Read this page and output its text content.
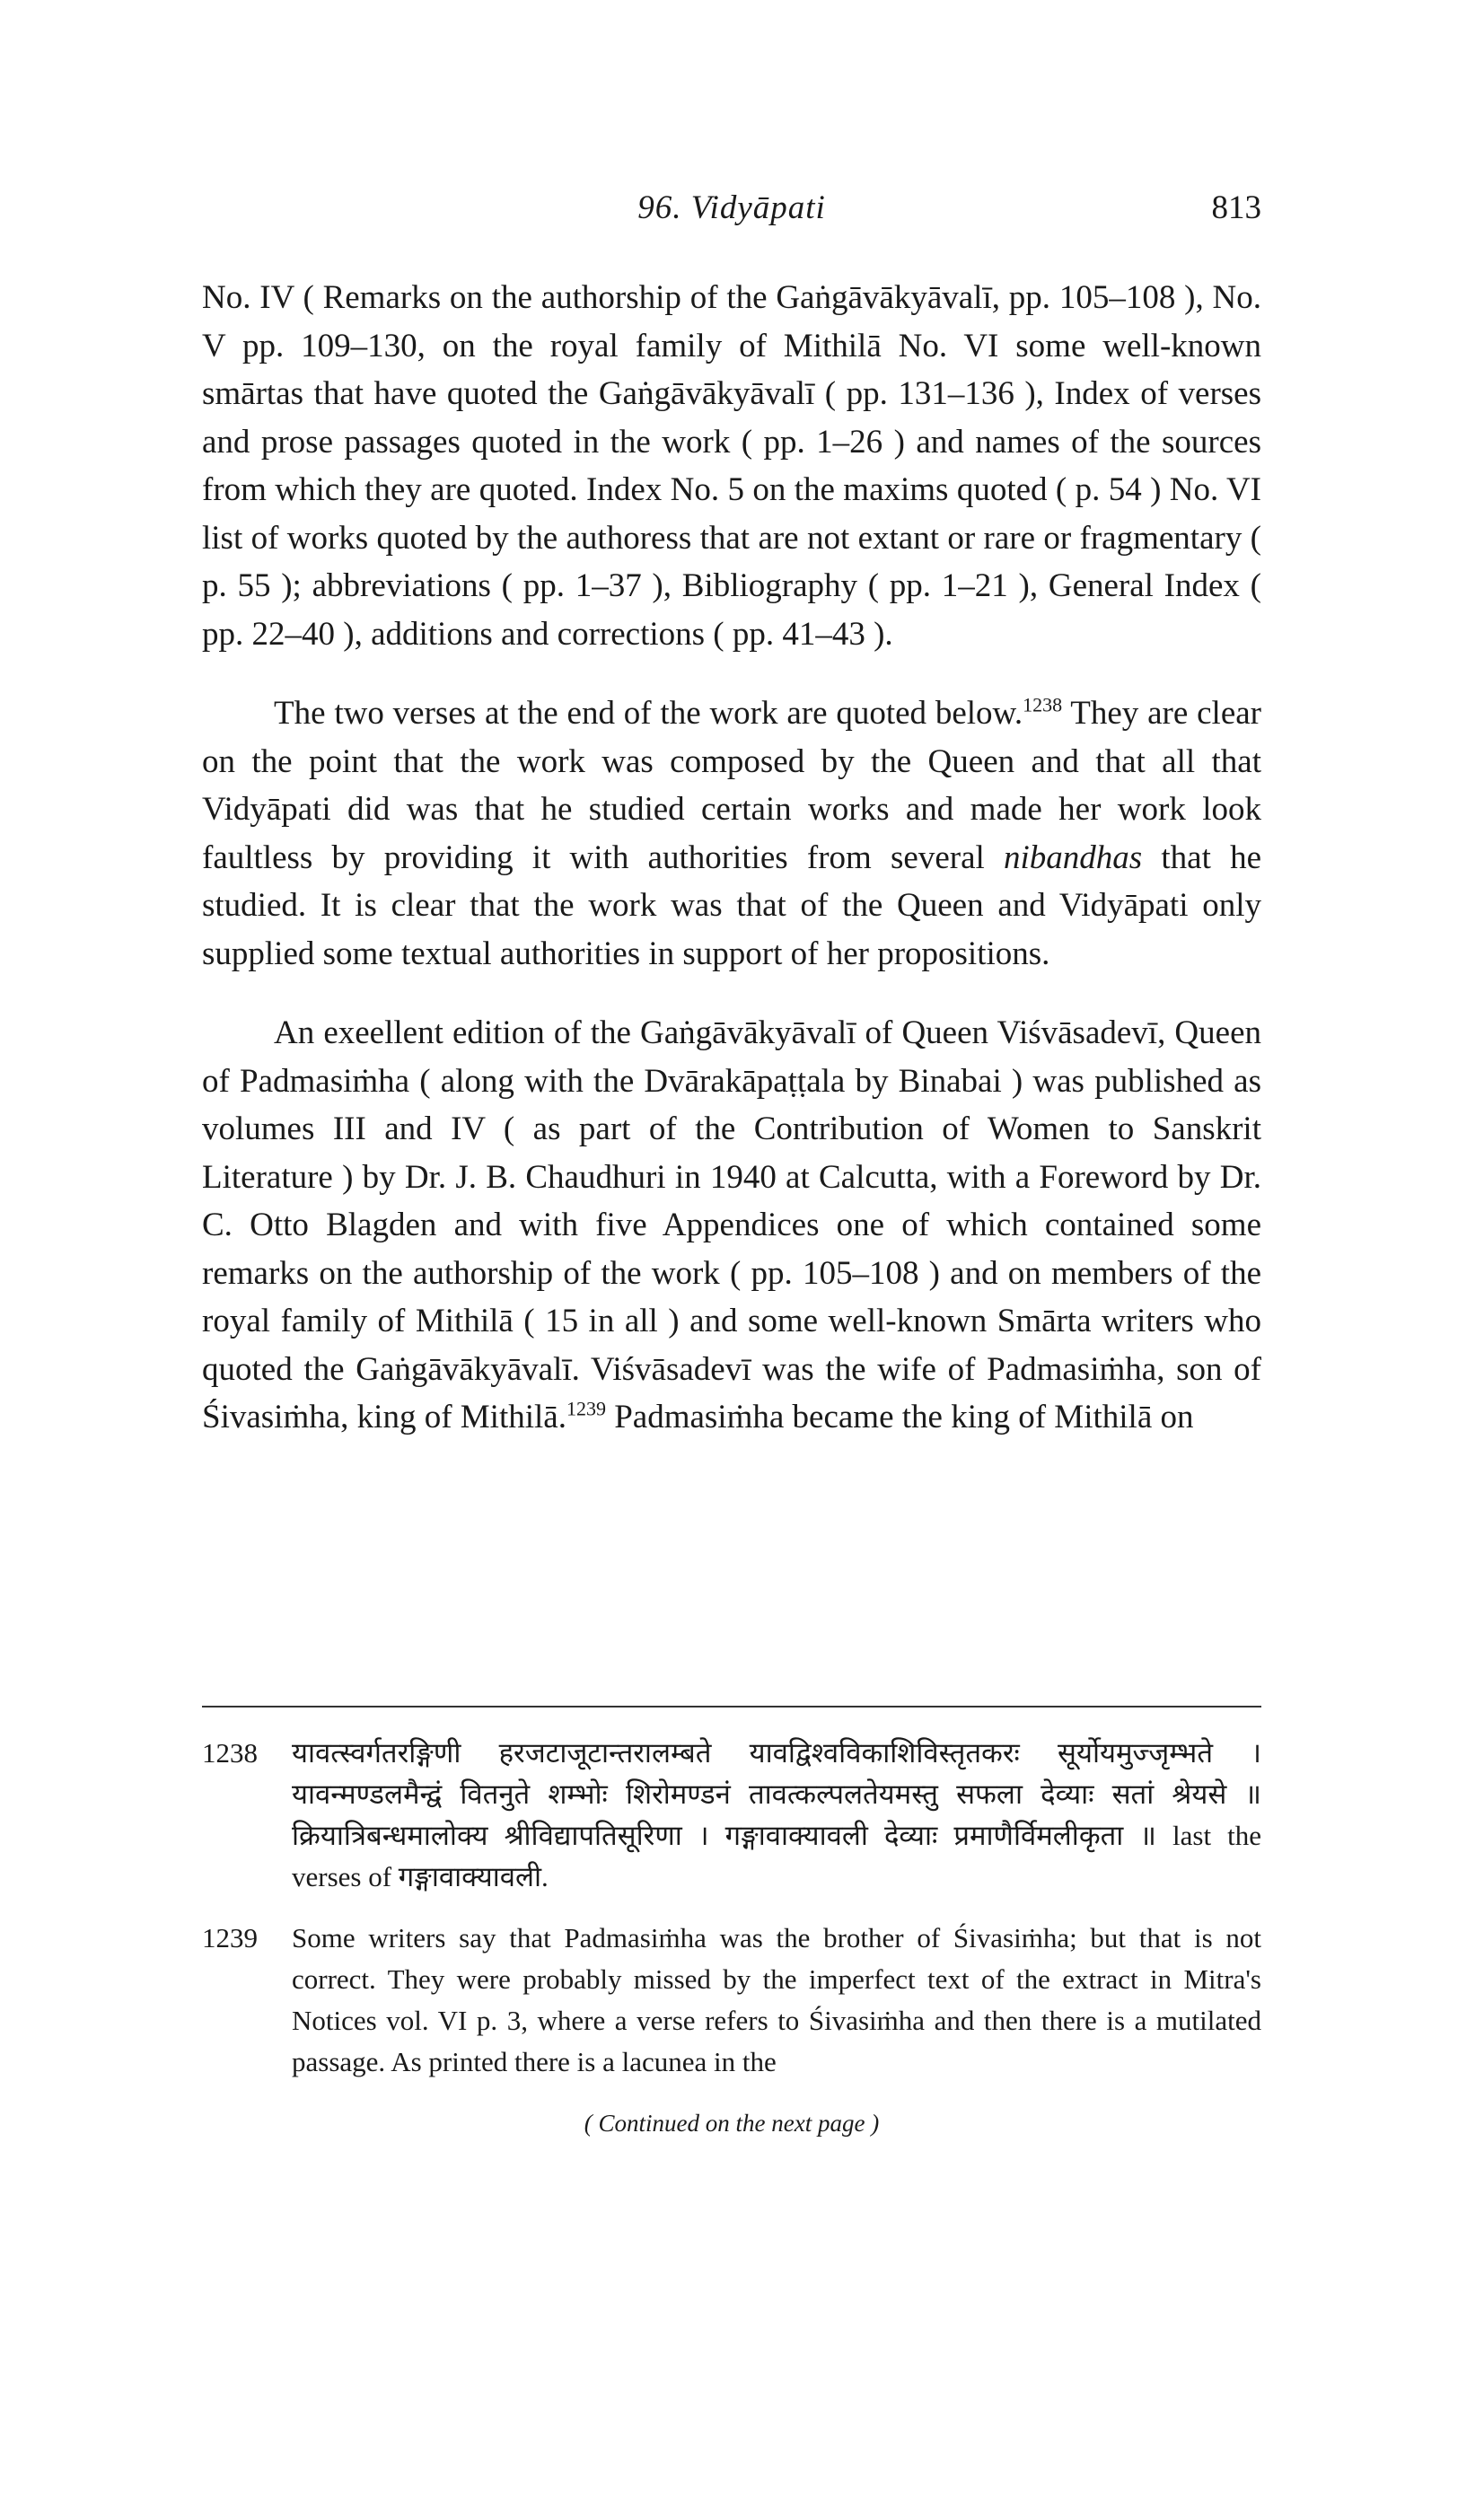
96. Vidyāpati	813

No. IV ( Remarks on the authorship of the Gaṅgāvākyāvalī, pp. 105–108 ), No. V pp. 109–130, on the royal family of Mithilā No. VI some well-known smārtas that have quoted the Gaṅgāvākyāvalī ( pp. 131–136 ), Index of verses and prose passages quoted in the work ( pp. 1–26 ) and names of the sources from which they are quoted. Index No. 5 on the maxims quoted ( p. 54 ) No. VI list of works quoted by the authoress that are not extant or rare or fragmentary ( p. 55 ); abbreviations ( pp. 1–37 ), Bibliography ( pp. 1–21 ), General Index ( pp. 22–40 ), additions and corrections ( pp. 41–43 ).

The two verses at the end of the work are quoted below.$^{1238}$ They are clear on the point that the work was composed by the Queen and that all that Vidyāpati did was that he studied certain works and made her work look faultless by providing it with authorities from several nibandhas that he studied. It is clear that the work was that of the Queen and Vidyāpati only supplied some textual authorities in support of her propositions.

An exeellent edition of the Gaṅgāvākyāvalī of Queen Viśvāsadevī, Queen of Padmasiṁha ( along with the Dvārakāpaṭṭala by Binabai ) was published as volumes III and IV ( as part of the Contribution of Women to Sanskrit Literature ) by Dr. J. B. Chaudhuri in 1940 at Calcutta, with a Foreword by Dr. C. Otto Blagden and with five Appendices one of which contained some remarks on the authorship of the work ( pp. 105–108 ) and on members of the royal family of Mithilā ( 15 in all ) and some well-known Smārta writers who quoted the Gaṅgāvākyāvalī. Viśvāsadevī was the wife of Padmasiṁha, son of Śivasiṁha, king of Mithilā.$^{1239}$ Padmasiṁha became the king of Mithilā on

1238	यावत्स्वर्गतरङ्गिणी हरजटाजूटान्तरालम्बते यावद्विश्वविकाशिविस्तृतकरः सूर्योयमुज्जृम्भते । यावन्मण्डलमैन्द्वं वितनुते शम्भोः शिरोमण्डनं तावत्कल्पलतेयमस्तु सफला देव्याः सतां श्रेयसे ॥ क्रियात्रिबन्धमालोक्य श्रीविद्यापतिसूरिणा । गङ्गावाक्यावली देव्याः प्रमाणैर्विमलीकृता ॥ last the verses of गङ्गावाक्यावली.
1239	Some writers say that Padmasiṁha was the brother of Śivasiṁha; but that is not correct. They were probably missed by the imperfect text of the extract in Mitra's Notices vol. VI p. 3, where a verse refers to Śivasiṁha and then there is a mutilated passage. As printed there is a lacunea in the
( Continued on the next page )
